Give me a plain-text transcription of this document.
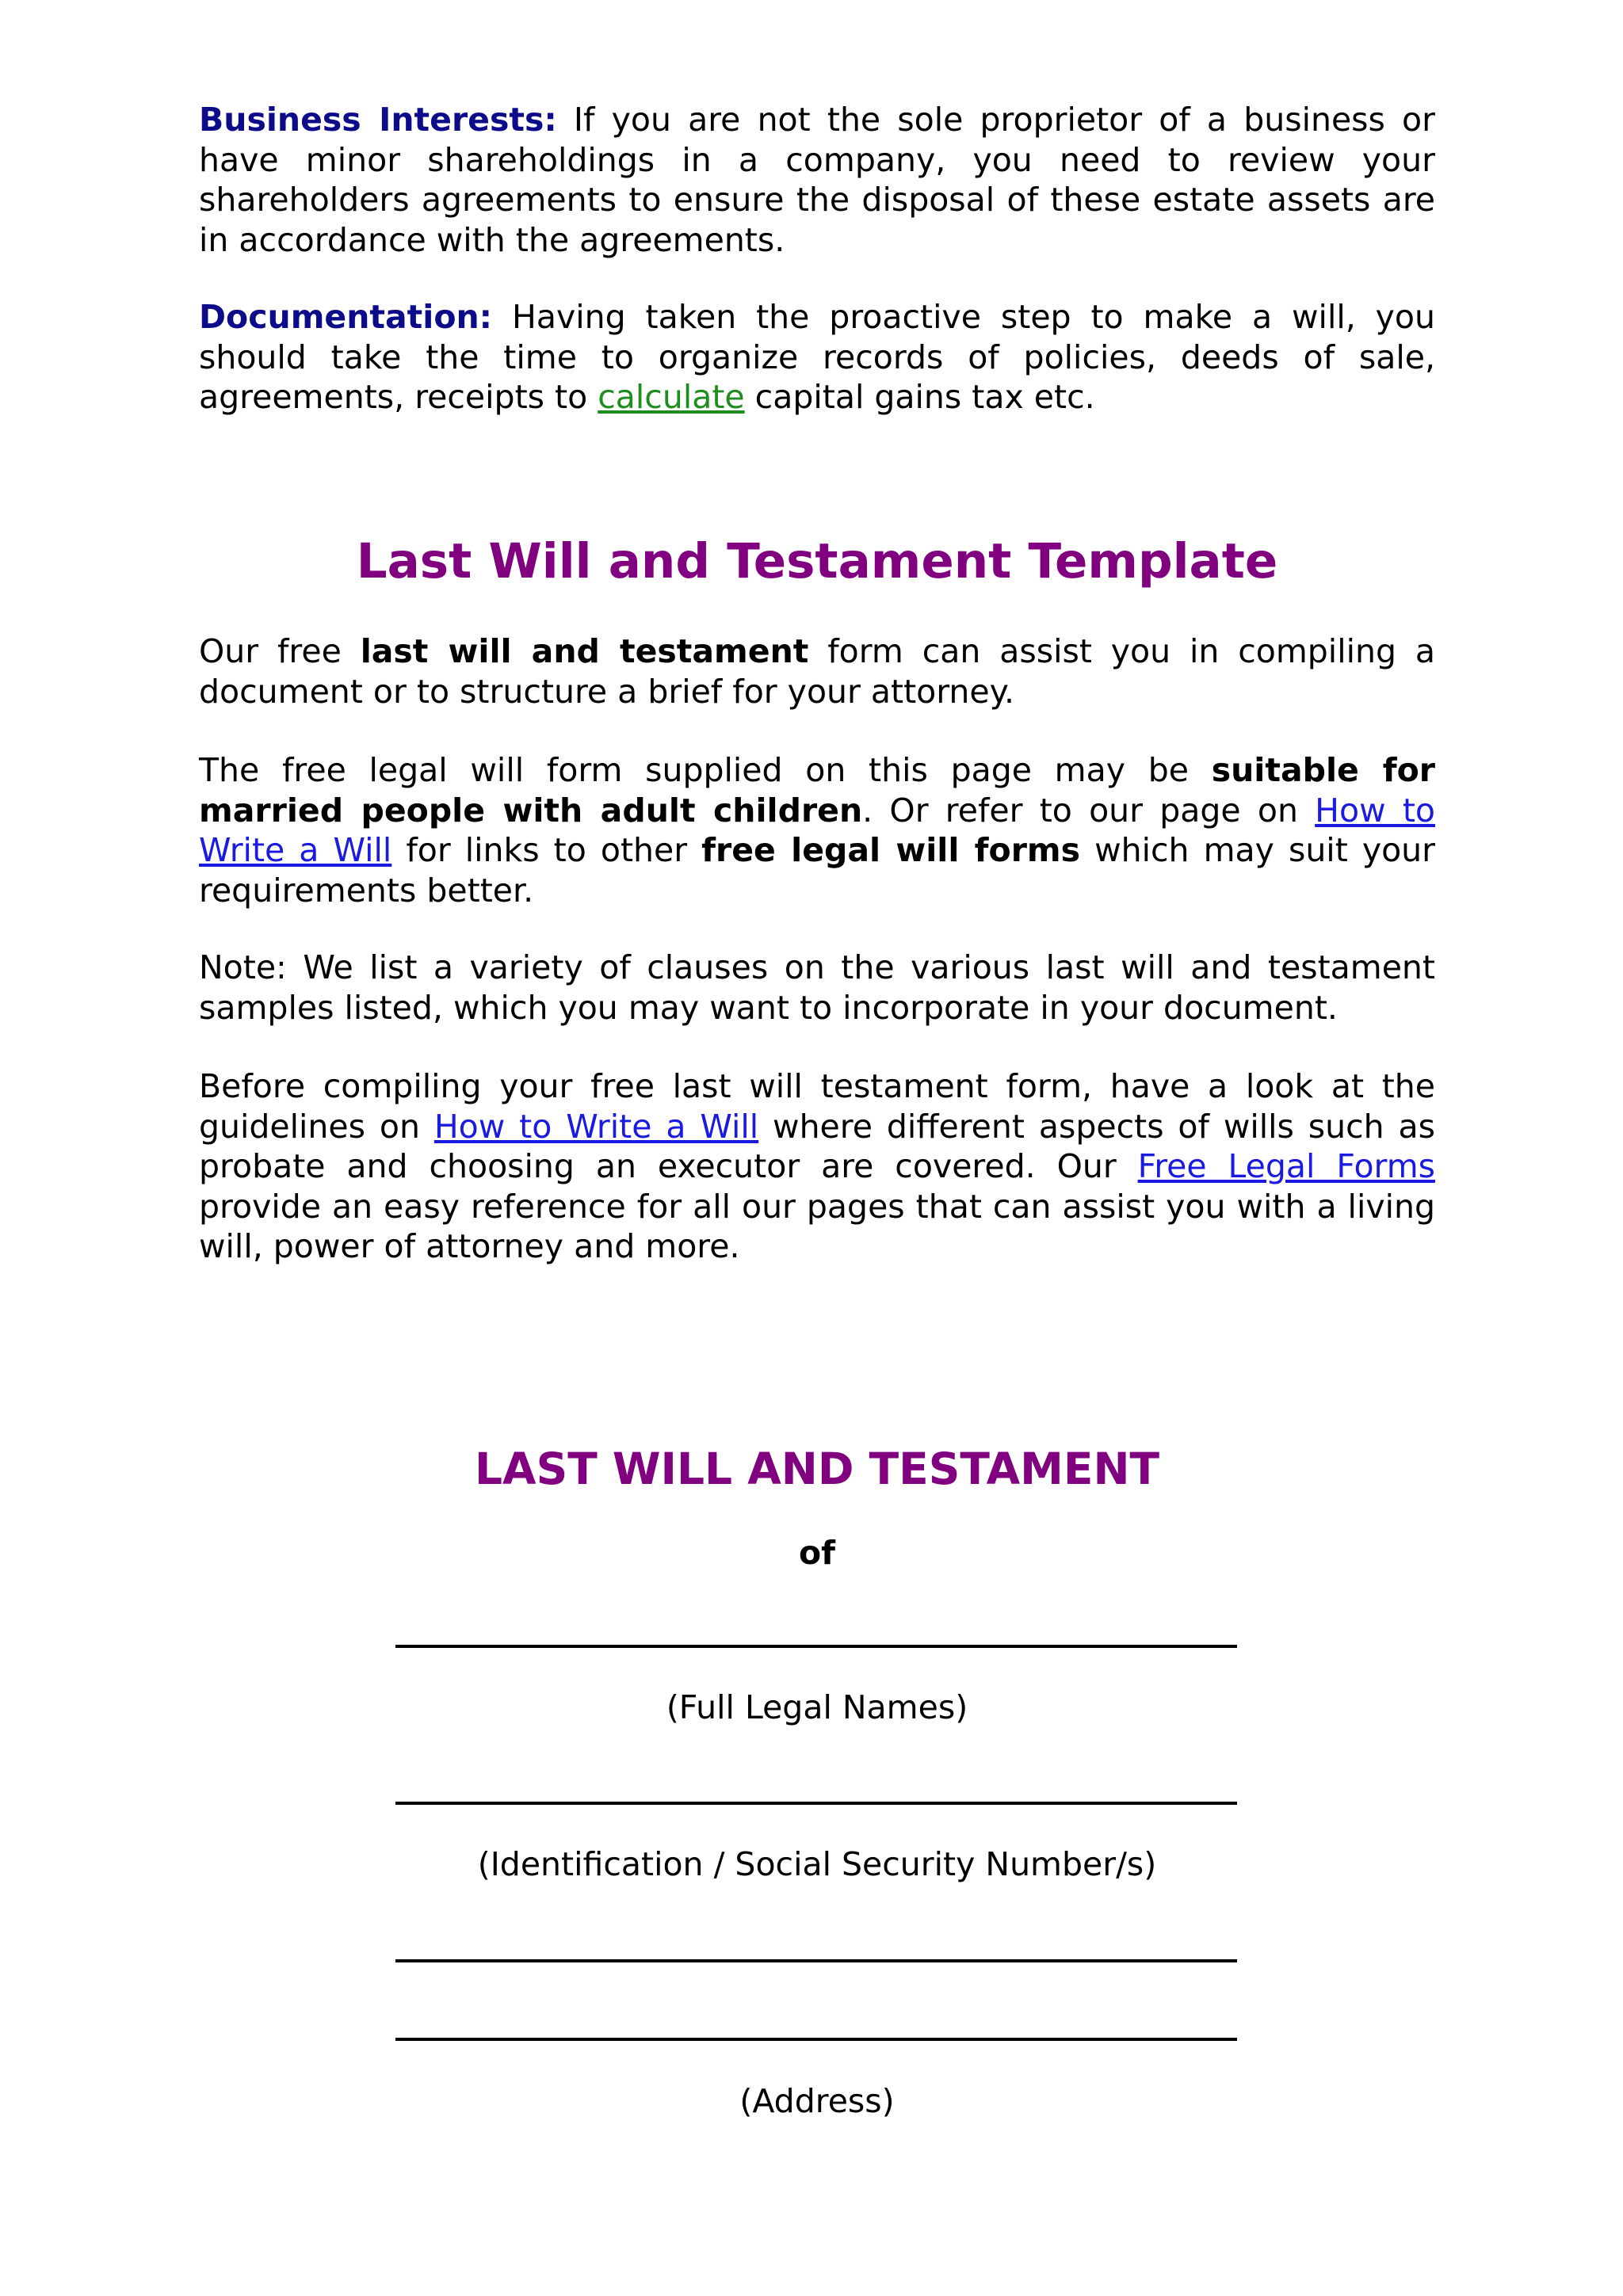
Business Interests: If you are not the sole proprietor of a business or have minor shareholdings in a company, you need to review your shareholders agreements to ensure the disposal of these estate assets are in accordance with the agreements.

Documentation: Having taken the proactive step to make a will, you should take the time to organize records of policies, deeds of sale, agreements, receipts to calculate capital gains tax etc.

Last Will and Testament Template

Our free last will and testament form can assist you in compiling a document or to structure a brief for your attorney.

The free legal will form supplied on this page may be suitable for married people with adult children. Or refer to our page on How to Write a Will for links to other free legal will forms which may suit your requirements better.

Note: We list a variety of clauses on the various last will and testament samples listed, which you may want to incorporate in your document.

Before compiling your free last will testament form, have a look at the guidelines on How to Write a Will where different aspects of wills such as probate and choosing an executor are covered. Our Free Legal Forms provide an easy reference for all our pages that can assist you with a living will, power of attorney and more.

LAST WILL AND TESTAMENT
of
(Full Legal Names)
(Identification / Social Security Number/s)
(Address)
